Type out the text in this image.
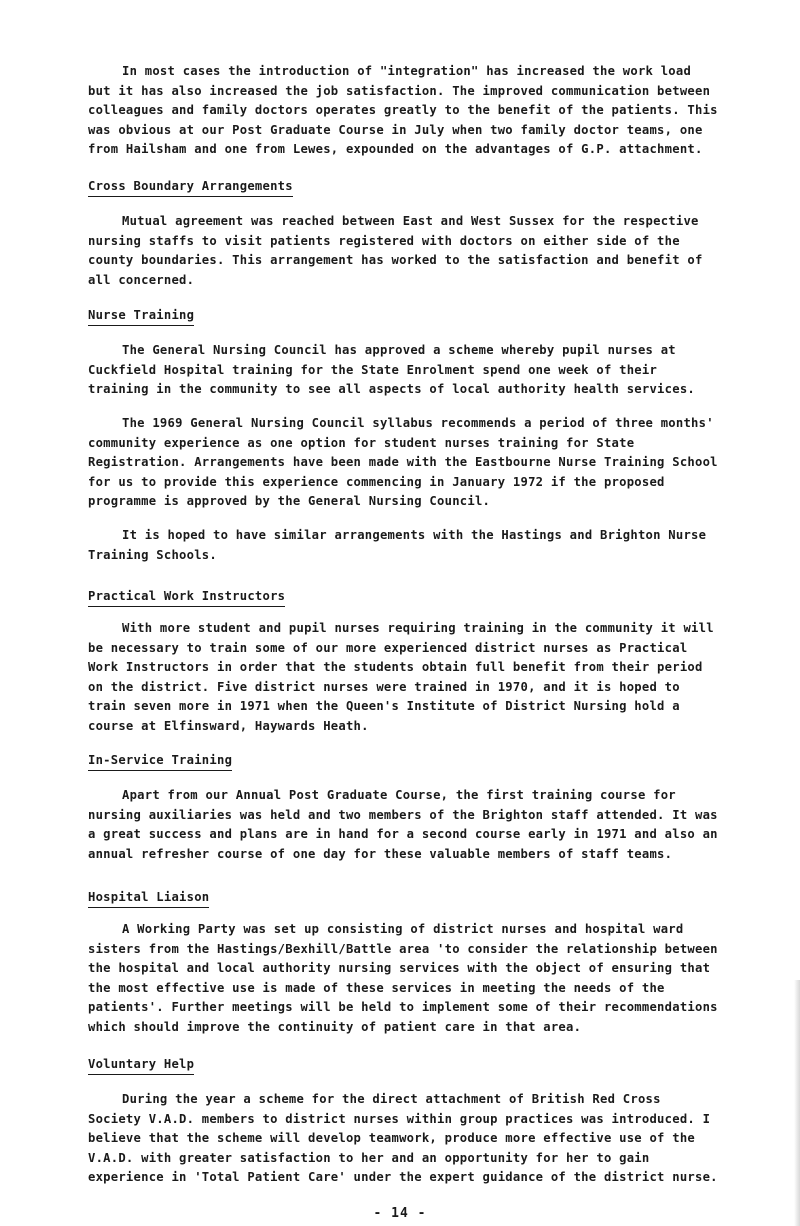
In most cases the introduction of "integration" has increased the work load but it has also increased the job satisfaction. The improved communication between colleagues and family doctors operates greatly to the benefit of the patients. This was obvious at our Post Graduate Course in July when two family doctor teams, one from Hailsham and one from Lewes, expounded on the advantages of G.P. attachment.

Cross Boundary Arrangements

Mutual agreement was reached between East and West Sussex for the respective nursing staffs to visit patients registered with doctors on either side of the county boundaries. This arrangement has worked to the satisfaction and benefit of all concerned.

Nurse Training

The General Nursing Council has approved a scheme whereby pupil nurses at Cuckfield Hospital training for the State Enrolment spend one week of their training in the community to see all aspects of local authority health services.

The 1969 General Nursing Council syllabus recommends a period of three months' community experience as one option for student nurses training for State Registration. Arrangements have been made with the Eastbourne Nurse Training School for us to provide this experience commencing in January 1972 if the proposed programme is approved by the General Nursing Council.

It is hoped to have similar arrangements with the Hastings and Brighton Nurse Training Schools.

Practical Work Instructors

With more student and pupil nurses requiring training in the community it will be necessary to train some of our more experienced district nurses as Practical Work Instructors in order that the students obtain full benefit from their period on the district. Five district nurses were trained in 1970, and it is hoped to train seven more in 1971 when the Queen's Institute of District Nursing hold a course at Elfinsward, Haywards Heath.

In-Service Training

Apart from our Annual Post Graduate Course, the first training course for nursing auxiliaries was held and two members of the Brighton staff attended. It was a great success and plans are in hand for a second course early in 1971 and also an annual refresher course of one day for these valuable members of staff teams.

Hospital Liaison

A Working Party was set up consisting of district nurses and hospital ward sisters from the Hastings/Bexhill/Battle area 'to consider the relationship between the hospital and local authority nursing services with the object of ensuring that the most effective use is made of these services in meeting the needs of the patients'. Further meetings will be held to implement some of their recommendations which should improve the continuity of patient care in that area.

Voluntary Help

During the year a scheme for the direct attachment of British Red Cross Society V.A.D. members to district nurses within group practices was introduced. I believe that the scheme will develop teamwork, produce more effective use of the V.A.D. with greater satisfaction to her and an opportunity for her to gain experience in 'Total Patient Care' under the expert guidance of the district nurse.

- 14 -
